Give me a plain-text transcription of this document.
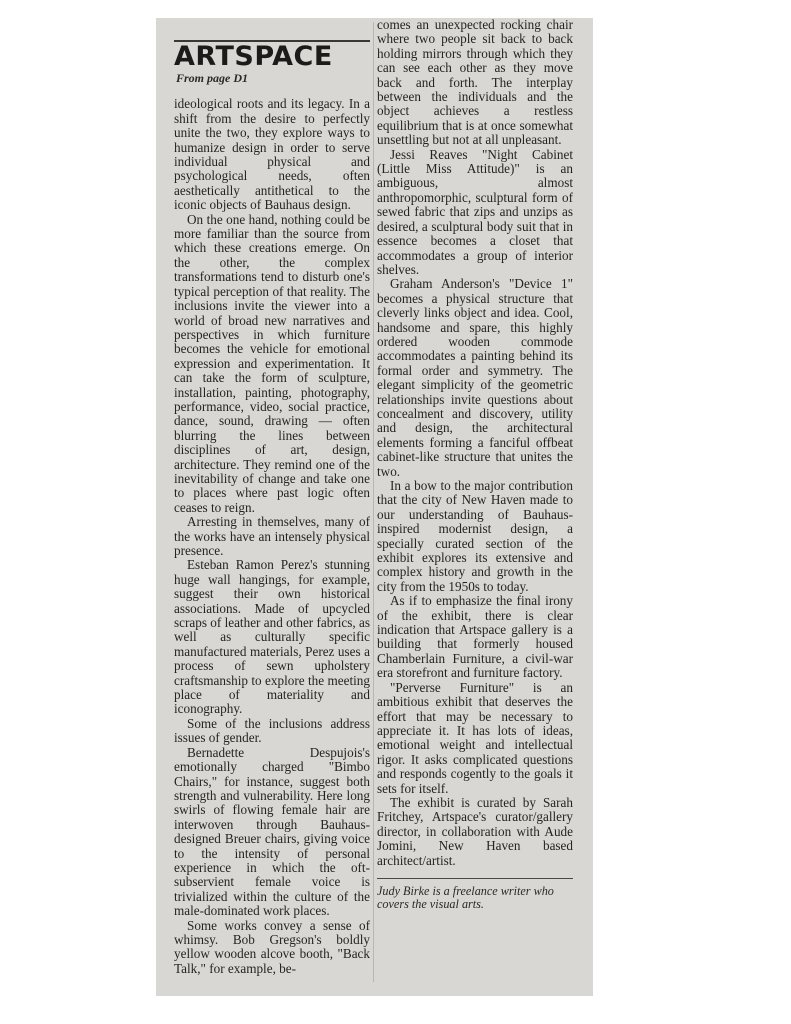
ARTSPACE
From page D1

ideological roots and its legacy. In a shift from the desire to perfectly unite the two, they explore ways to humanize design in order to serve individual physical and psychological needs, often aesthetically antithetical to the iconic objects of Bauhaus design.

On the one hand, nothing could be more familiar than the source from which these creations emerge. On the other, the complex transformations tend to disturb one's typical perception of that reality. The inclusions invite the viewer into a world of broad new narratives and perspectives in which furniture becomes the vehicle for emotional expression and experimentation. It can take the form of sculpture, installation, painting, photography, performance, video, social practice, dance, sound, drawing — often blurring the lines between disciplines of art, design, architecture. They remind one of the inevitability of change and take one to places where past logic often ceases to reign.

Arresting in themselves, many of the works have an intensely physical presence.

Esteban Ramon Perez's stunning huge wall hangings, for example, suggest their own historical associations. Made of upcycled scraps of leather and other fabrics, as well as culturally specific manufactured materials, Perez uses a process of sewn upholstery craftsmanship to explore the meeting place of materiality and iconography.

Some of the inclusions address issues of gender.

Bernadette Despujois's emotionally charged "Bimbo Chairs," for instance, suggest both strength and vulnerability. Here long swirls of flowing female hair are interwoven through Bauhaus-designed Breuer chairs, giving voice to the intensity of personal experience in which the oft-subservient female voice is trivialized within the culture of the male-dominated work places.

Some works convey a sense of whimsy. Bob Gregson's boldly yellow wooden alcove booth, "Back Talk," for example, be-

comes an unexpected rocking chair where two people sit back to back holding mirrors through which they can see each other as they move back and forth. The interplay between the individuals and the object achieves a restless equilibrium that is at once somewhat unsettling but not at all unpleasant.

Jessi Reaves "Night Cabinet (Little Miss Attitude)" is an ambiguous, almost anthropomorphic, sculptural form of sewed fabric that zips and unzips as desired, a sculptural body suit that in essence becomes a closet that accommodates a group of interior shelves.

Graham Anderson's "Device 1" becomes a physical structure that cleverly links object and idea. Cool, handsome and spare, this highly ordered wooden commode accommodates a painting behind its formal order and symmetry. The elegant simplicity of the geometric relationships invite questions about concealment and discovery, utility and design, the architectural elements forming a fanciful offbeat cabinet-like structure that unites the two.

In a bow to the major contribution that the city of New Haven made to our understanding of Bauhaus-inspired modernist design, a specially curated section of the exhibit explores its extensive and complex history and growth in the city from the 1950s to today.

As if to emphasize the final irony of the exhibit, there is clear indication that Artspace gallery is a building that formerly housed Chamberlain Furniture, a civil-war era storefront and furniture factory.

"Perverse Furniture" is an ambitious exhibit that deserves the effort that may be necessary to appreciate it. It has lots of ideas, emotional weight and intellectual rigor. It asks complicated questions and responds cogently to the goals it sets for itself.

The exhibit is curated by Sarah Fritchey, Artspace's curator/gallery director, in collaboration with Aude Jomini, New Haven based architect/artist.

Judy Birke is a freelance writer who covers the visual arts.
